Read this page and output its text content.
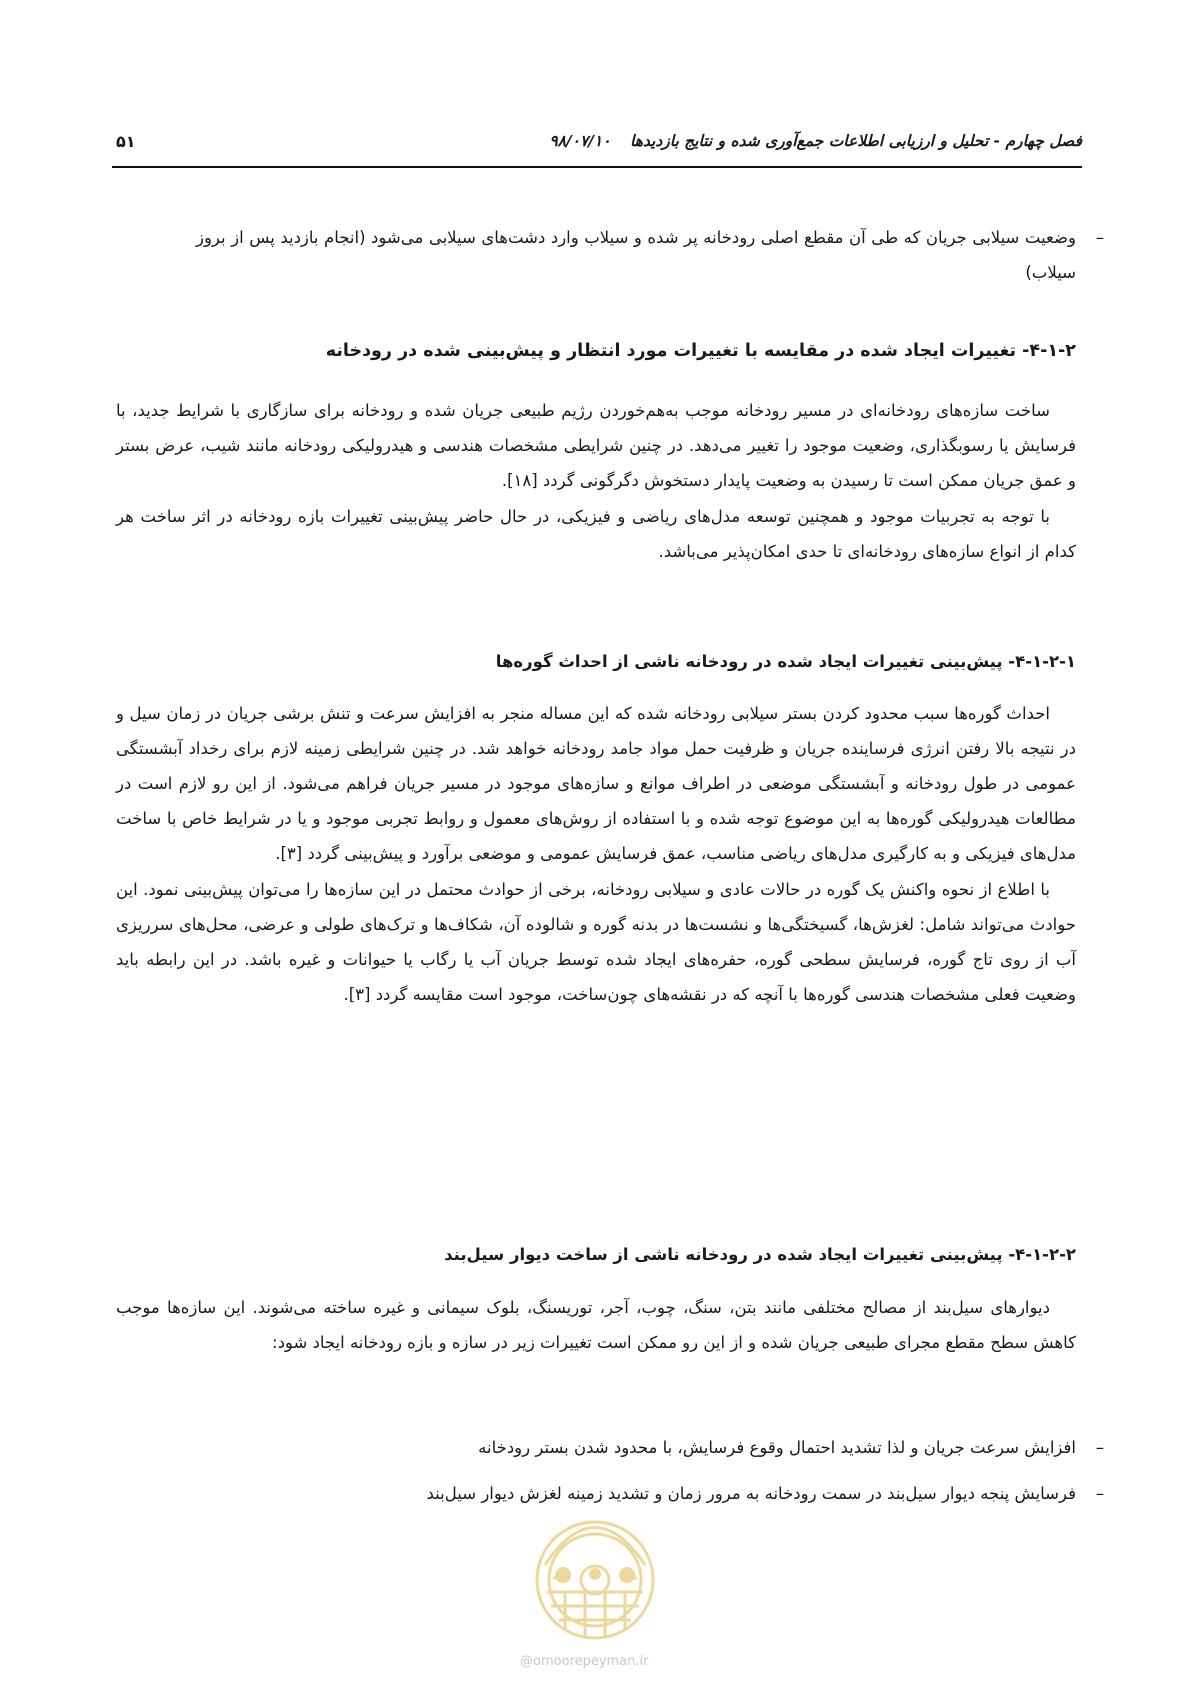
فصل چهارم - تحلیل و ارزیابی اطلاعات جمع‌آوری شده و نتایج بازدیدها ۹۸/۰۷/۱۰
۵۱
–
وضعیت سیلابی جریان که طی آن مقطع اصلی رودخانه پر شده و سیلاب وارد دشت‌های سیلابی می‌شود (انجام بازدید پس از بروز سیلاب)
۴-۱-۲- تغییرات ایجاد شده در مقایسه با تغییرات مورد انتظار و پیش‌بینی شده در رودخانه

ساخت سازه‌های رودخانه‌ای در مسیر رودخانه موجب به‌هم‌خوردن رژیم طبیعی جریان شده و رودخانه برای سازگاری با شرایط جدید، با فرسایش یا رسوبگذاری، وضعیت موجود را تغییر می‌دهد. در چنین شرایطی مشخصات هندسی و هیدرولیکی رودخانه مانند شیب، عرض بستر و عمق جریان ممکن است تا رسیدن به وضعیت پایدار دستخوش دگرگونی گردد [۱۸].

با توجه به تجربیات موجود و همچنین توسعه مدل‌های ریاضی و فیزیکی، در حال حاضر پیش‌بینی تغییرات بازه رودخانه در اثر ساخت هر کدام از انواع سازه‌های رودخانه‌ای تا حدی امکان‌پذیر می‌باشد.

۴-۱-۲-۱- پیش‌بینی تغییرات ایجاد شده در رودخانه ناشی از احداث گوره‌ها

احداث گوره‌ها سبب محدود کردن بستر سیلابی رودخانه شده که این مساله منجر به افزایش سرعت و تنش برشی جریان در زمان سیل و در نتیجه بالا رفتن انرژی فرساینده جریان و ظرفیت حمل مواد جامد رودخانه خواهد شد. در چنین شرایطی زمینه لازم برای رخداد آبشستگی عمومی در طول رودخانه و آبشستگی موضعی در اطراف موانع و سازه‌های موجود در مسیر جریان فراهم می‌شود. از این رو لازم است در مطالعات هیدرولیکی گوره‌ها به این موضوع توجه شده و با استفاده از روش‌های معمول و روابط تجربی موجود و یا در شرایط خاص با ساخت مدل‌های فیزیکی و به کارگیری مدل‌های ریاضی مناسب، عمق فرسایش عمومی و موضعی برآورد و پیش‌بینی گردد [۳].

با اطلاع از نحوه واکنش یک گوره در حالات عادی و سیلابی رودخانه، برخی از حوادث محتمل در این سازه‌ها را می‌توان پیش‌بینی نمود. این حوادث می‌تواند شامل: لغزش‌ها، گسیختگی‌ها و نشست‌ها در بدنه گوره و شالوده آن، شکاف‌ها و ترک‌های طولی و عرضی، محل‌های سرریزی آب از روی تاج گوره، فرسایش سطحی گوره، حفره‌های ایجاد شده توسط جریان آب یا رگاب یا حیوانات و غیره باشد. در این رابطه باید وضعیت فعلی مشخصات هندسی گوره‌ها با آنچه که در نقشه‌های چون‌ساخت، موجود است مقایسه گردد [۳].

۴-۱-۲-۲- پیش‌بینی تغییرات ایجاد شده در رودخانه ناشی از ساخت دیوار سیل‌بند

دیوارهای سیل‌بند از مصالح مختلفی مانند بتن، سنگ، چوب، آجر، توریسنگ، بلوک سیمانی و غیره ساخته می‌شوند. این سازه‌ها موجب کاهش سطح مقطع مجرای طبیعی جریان شده و از این رو ممکن است تغییرات زیر در سازه و بازه رودخانه ایجاد شود:

–
افزایش سرعت جریان و لذا تشدید احتمال وقوع فرسایش، با محدود شدن بستر رودخانه
–
فرسایش پنجه دیوار سیل‌بند در سمت رودخانه به مرور زمان و تشدید زمینه لغزش دیوار سیل‌بند
@omoorepeyman.ir
